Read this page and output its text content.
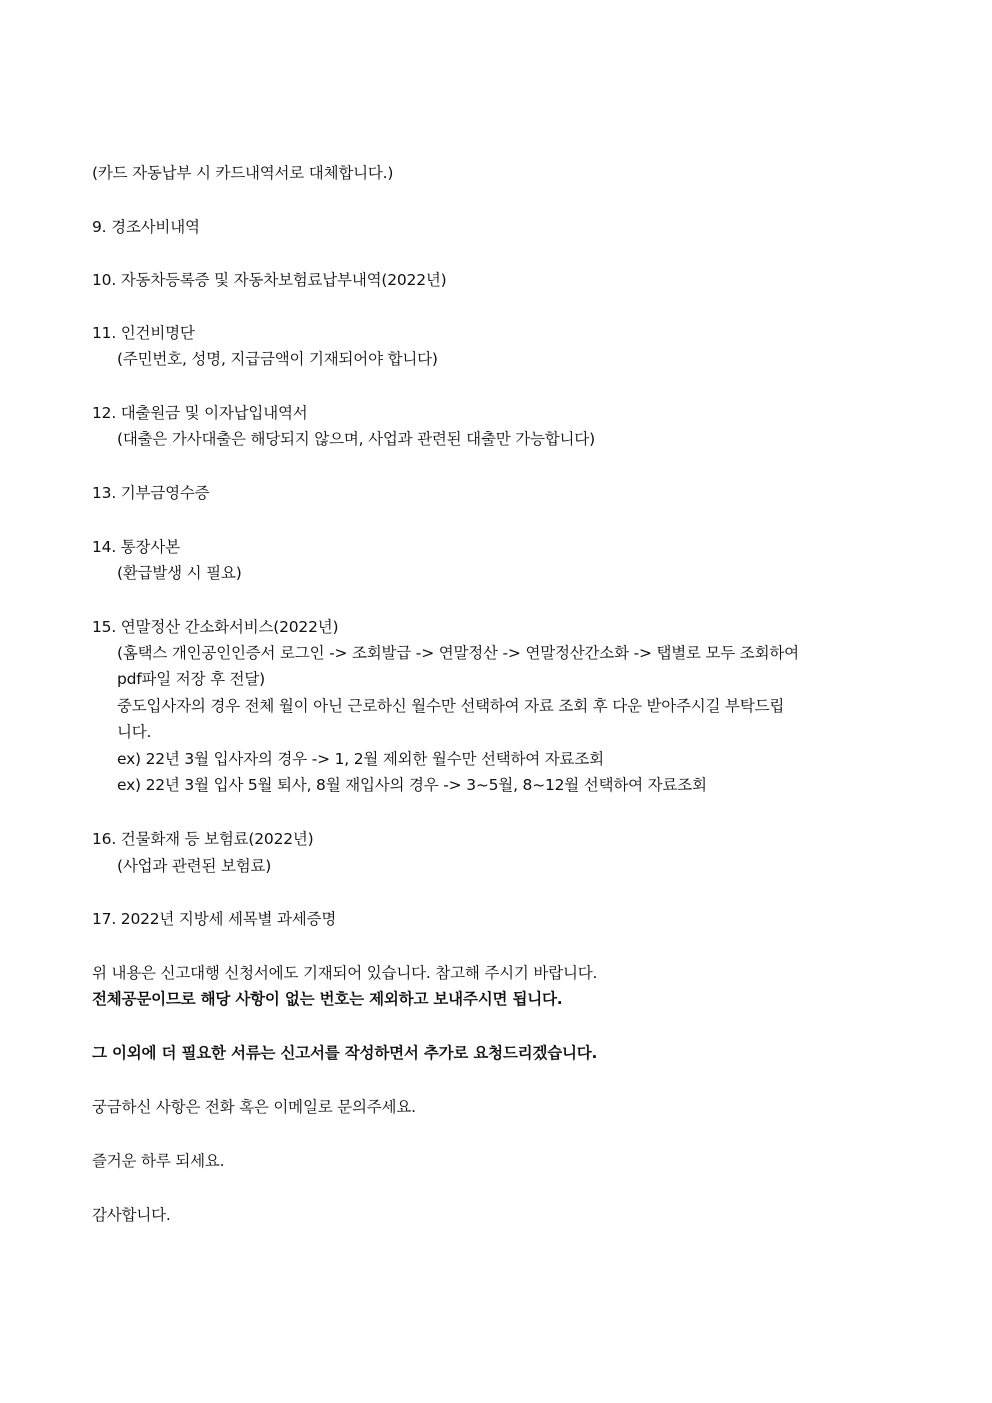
(카드 자동납부 시 카드내역서로 대체합니다.)
9. 경조사비내역
10. 자동차등록증 및 자동차보험료납부내역(2022년)
11. 인건비명단
(주민번호, 성명, 지급금액이 기재되어야 합니다)
12. 대출원금 및 이자납입내역서
(대출은 가사대출은 해당되지 않으며, 사업과 관련된 대출만 가능합니다)
13. 기부금영수증
14. 통장사본
(환급발생 시 필요)
15. 연말정산 간소화서비스(2022년)
(홈택스 개인공인인증서 로그인 -> 조회발급 -> 연말정산 -> 연말정산간소화 -> 탭별로 모두 조회하여
pdf파일 저장 후 전달)
중도입사자의 경우 전체 월이 아닌 근로하신 월수만 선택하여 자료 조회 후 다운 받아주시길 부탁드립
니다.
ex) 22년 3월 입사자의 경우 -> 1, 2월 제외한 월수만 선택하여 자료조회
ex) 22년 3월 입사 5월 퇴사, 8월 재입사의 경우 -> 3~5월, 8~12월 선택하여 자료조회
16. 건물화재 등 보험료(2022년)
(사업과 관련된 보험료)
17. 2022년 지방세 세목별 과세증명
위 내용은 신고대행 신청서에도 기재되어 있습니다. 참고해 주시기 바랍니다.
전체공문이므로 해당 사항이 없는 번호는 제외하고 보내주시면 됩니다.
그 이외에 더 필요한 서류는 신고서를 작성하면서 추가로 요청드리겠습니다.
궁금하신 사항은 전화 혹은 이메일로 문의주세요.
즐거운 하루 되세요.
감사합니다.
